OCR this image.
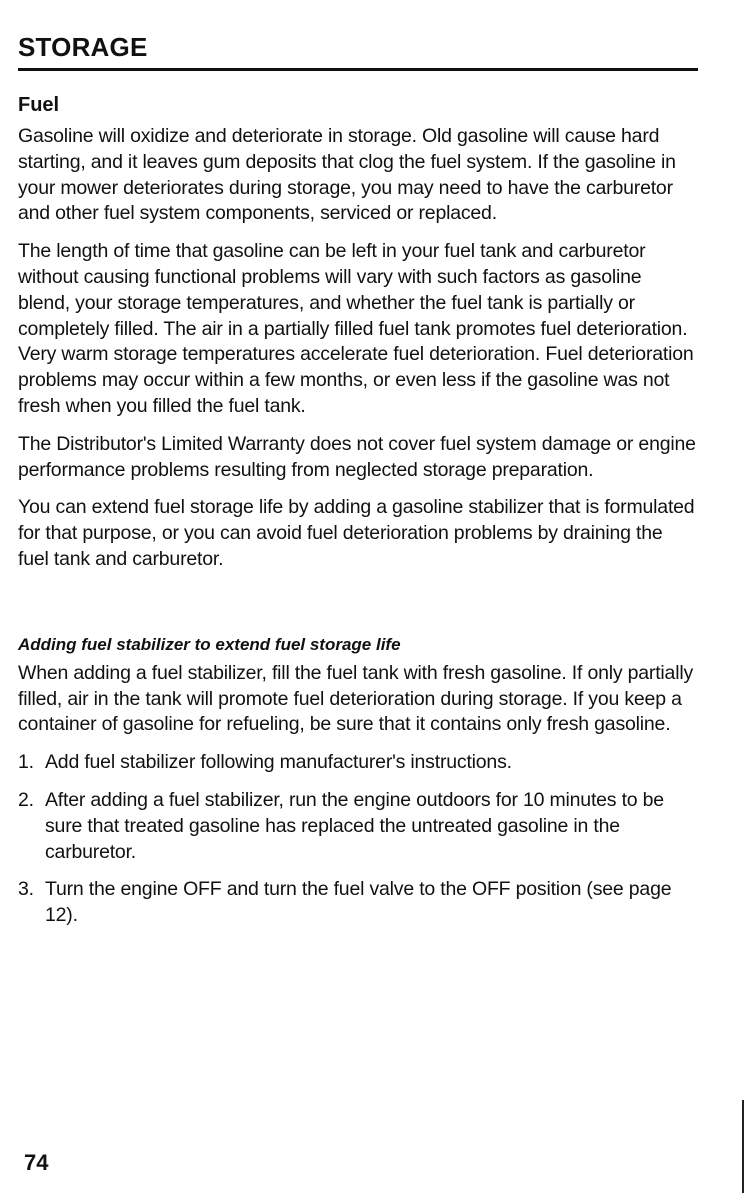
STORAGE
Fuel

Gasoline will oxidize and deteriorate in storage. Old gasoline will cause hard starting, and it leaves gum deposits that clog the fuel system. If the gasoline in your mower deteriorates during storage, you may need to have the carburetor and other fuel system components, serviced or replaced.

The length of time that gasoline can be left in your fuel tank and carburetor without causing functional problems will vary with such factors as gasoline blend, your storage temperatures, and whether the fuel tank is partially or completely filled. The air in a partially filled fuel tank promotes fuel deterioration. Very warm storage temperatures accelerate fuel deterioration. Fuel deterioration problems may occur within a few months, or even less if the gasoline was not fresh when you filled the fuel tank.

The Distributor's Limited Warranty does not cover fuel system damage or engine performance problems resulting from neglected storage preparation.

You can extend fuel storage life by adding a gasoline stabilizer that is formulated for that purpose, or you can avoid fuel deterioration problems by draining the fuel tank and carburetor.

Adding fuel stabilizer to extend fuel storage life

When adding a fuel stabilizer, fill the fuel tank with fresh gasoline. If only partially filled, air in the tank will promote fuel deterioration during storage. If you keep a container of gasoline for refueling, be sure that it contains only fresh gasoline.

1. Add fuel stabilizer following manufacturer's instructions.
2. After adding a fuel stabilizer, run the engine outdoors for 10 minutes to be sure that treated gasoline has replaced the untreated gasoline in the carburetor.
3. Turn the engine OFF and turn the fuel valve to the OFF position (see page 12).

74
